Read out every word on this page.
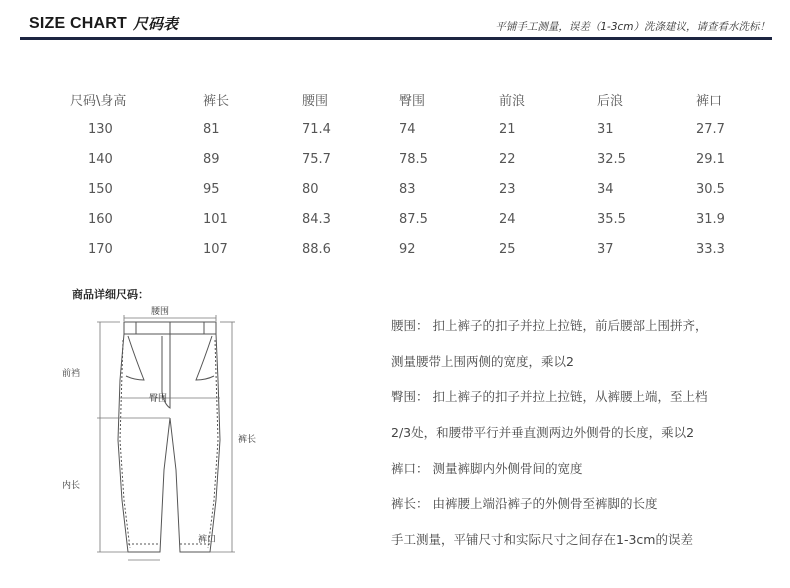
SIZE CHART 尺码表	平铺手工测量，误差（1-3cm）洗涤建议，请查看水洗标！
尺码\身高	裤长	腰围	臀围	前浪	后浪	裤口
130	81	71.4	74	21	31	27.7
140	89	75.7	78.5	22	32.5	29.1
150	95	80	83	23	34	30.5
160	101	84.3	87.5	24	35.5	31.9
170	107	88.6	92	25	37	33.3
商品详细尺码：
腰围
前裆
臀围
裤长
内长
裤口
腰围： 扣上裤子的扣子并拉上拉链，前后腰部上围拼齐，
测量腰带上围两侧的宽度，乘以2
臀围： 扣上裤子的扣子并拉上拉链，从裤腰上端，至上档
2/3处，和腰带平行并垂直测两边外侧骨的长度，乘以2
裤口： 测量裤脚内外侧骨间的宽度
裤长： 由裤腰上端沿裤子的外侧骨至裤脚的长度
手工测量，平铺尺寸和实际尺寸之间存在1-3cm的误差
